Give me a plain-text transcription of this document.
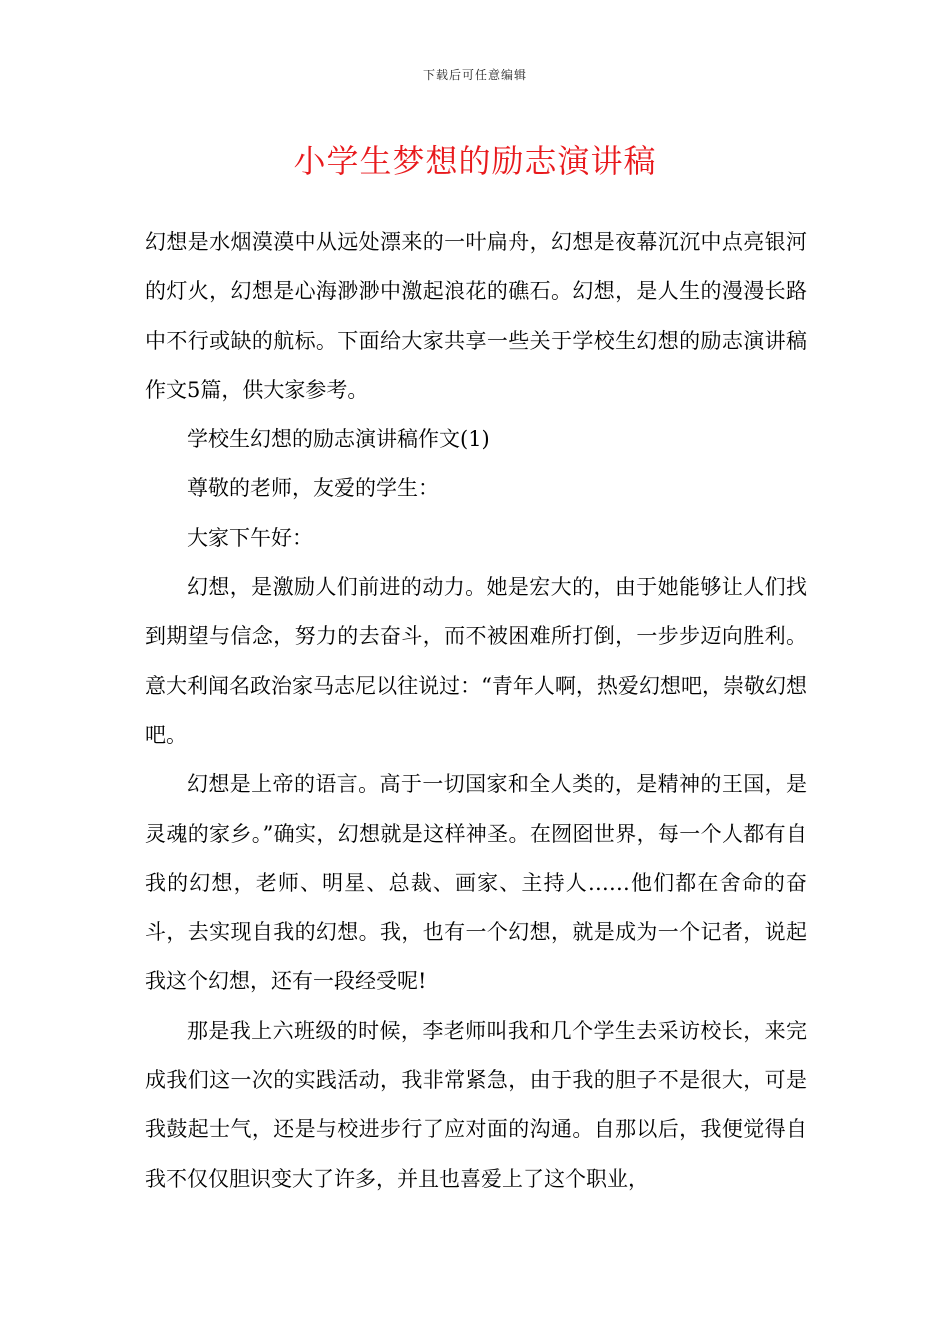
下载后可任意编辑
小学生梦想的励志演讲稿

幻想是水烟漠漠中从远处漂来的一叶扁舟，幻想是夜幕沉沉中点亮银河的灯火，幻想是心海渺渺中激起浪花的礁石。幻想，是人生的漫漫长路中不行或缺的航标。下面给大家共享一些关于学校生幻想的励志演讲稿作文5篇，供大家参考。

学校生幻想的励志演讲稿作文(1)

尊敬的老师，友爱的学生：

大家下午好：

幻想，是激励人们前进的动力。她是宏大的，由于她能够让人们找到期望与信念，努力的去奋斗，而不被困难所打倒，一步步迈向胜利。意大利闻名政治家马志尼以往说过：“青年人啊，热爱幻想吧，崇敬幻想吧。

幻想是上帝的语言。高于一切国家和全人类的，是精神的王国，是灵魂的家乡。”确实，幻想就是这样神圣。在囫囵世界，每一个人都有自我的幻想，老师、明星、总裁、画家、主持人……他们都在舍命的奋斗，去实现自我的幻想。我，也有一个幻想，就是成为一个记者，说起我这个幻想，还有一段经受呢!

那是我上六班级的时候，李老师叫我和几个学生去采访校长，来完成我们这一次的实践活动，我非常紧急，由于我的胆子不是很大，可是我鼓起士气，还是与校进步行了应对面的沟通。自那以后，我便觉得自我不仅仅胆识变大了许多，并且也喜爱上了这个职业，
